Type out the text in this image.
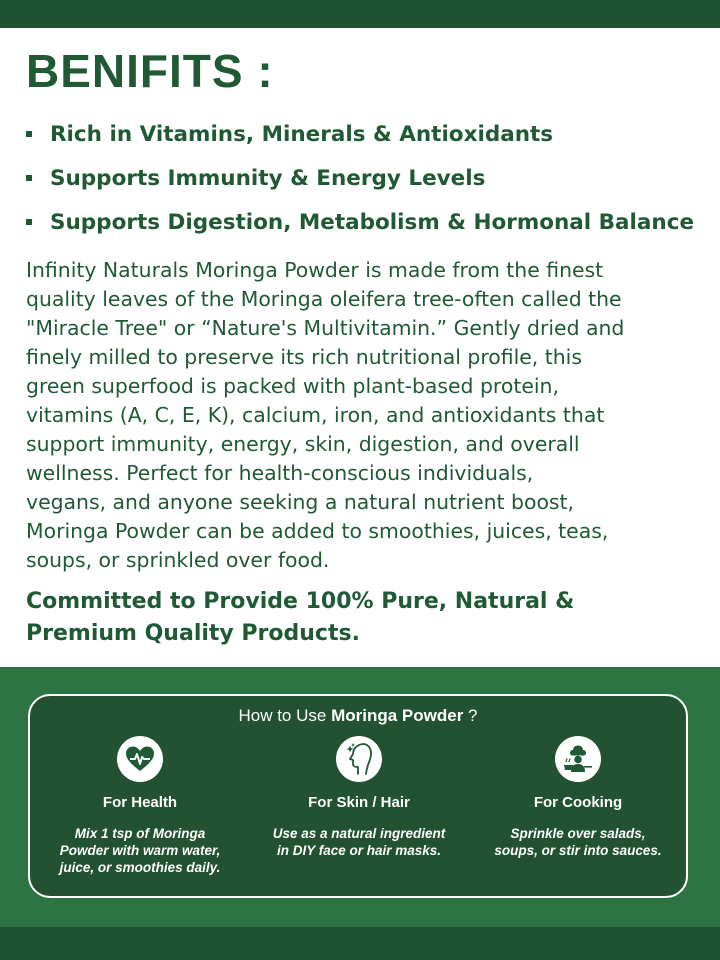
BENIFITS :
Rich in Vitamins, Minerals & Antioxidants
Supports Immunity & Energy Levels
Supports Digestion, Metabolism & Hormonal Balance

Infinity Naturals Moringa Powder is made from the finest
quality leaves of the Moringa oleifera tree-often called the
"Miracle Tree" or “Nature's Multivitamin.” Gently dried and
finely milled to preserve its rich nutritional profile, this
green superfood is packed with plant-based protein,
vitamins (A, C, E, K), calcium, iron, and antioxidants that
support immunity, energy, skin, digestion, and overall
wellness. Perfect for health-conscious individuals,
vegans, and anyone seeking a natural nutrient boost,
Moringa Powder can be added to smoothies, juices, teas,
soups, or sprinkled over food.

Committed to Provide 100% Pure, Natural &
Premium Quality Products.

How to Use Moringa Powder ?
For Health
Mix 1 tsp of Moringa
Powder with warm water,
juice, or smoothies daily.
For Skin / Hair
Use as a natural ingredient
in DIY face or hair masks.
For Cooking
Sprinkle over salads,
soups, or stir into sauces.
